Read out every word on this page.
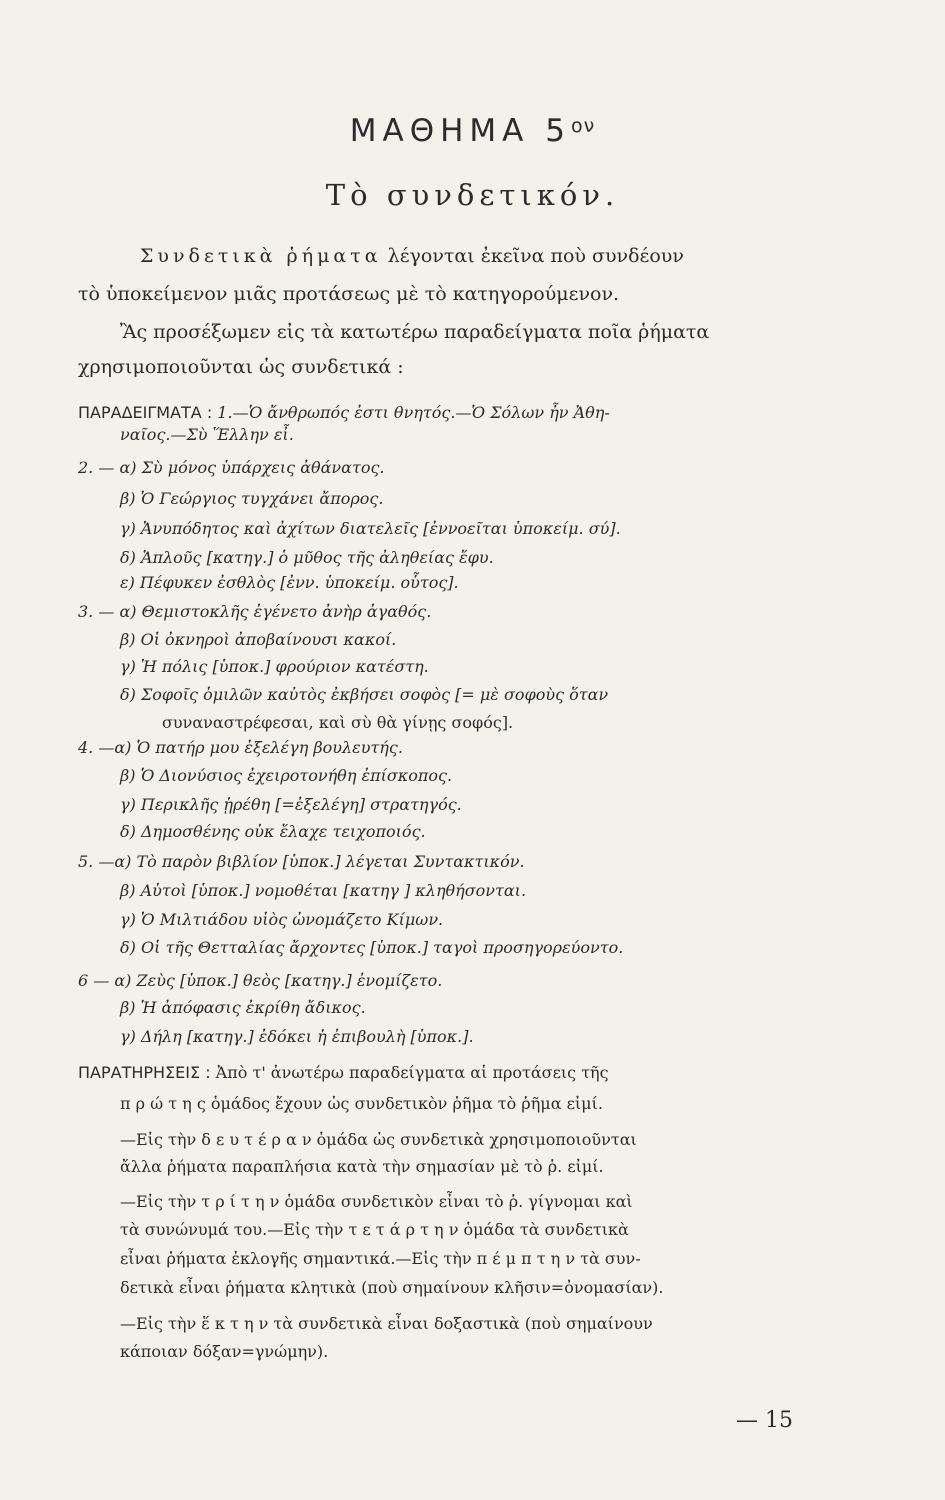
ΜΑΘΗΜΑ $5^{o\nu}$
Τὸ συνδετικόν.
Συνδετικὰ ῥήματα λέγονται ἐκεῖνα ποὺ συνδέουν
τὸ ὑποκείμενον μιᾶς προτάσεως μὲ τὸ κατηγορούμενον.
Ἂς προσέξωμεν εἰς τὰ κατωτέρω παραδείγματα ποῖα ῥήματα
χρησιμοποιοῦνται ὡς συνδετικά :
ΠΑΡΑΔΕΙΓΜΑΤΑ : 1.—Ὁ ἄνθρωπός ἐστι θνητός.—Ὁ Σόλων ἦν Ἀθη-
ναῖος.—Σὺ Ἕλλην εἶ.
2. — α) Σὺ μόνος ὑπάρχεις ἀθάνατος.
β) Ὁ Γεώργιος τυγχάνει ἄπορος.
γ) Ἀνυπόδητος καὶ ἀχίτων διατελεῖς [ἐννοεῖται ὑποκείμ. σύ].
δ) Ἁπλοῦς [κατηγ.] ὁ μῦθος τῆς ἀληθείας ἔφυ.
ε) Πέφυκεν ἐσθλὸς [ἐνν. ὑποκείμ. οὗτος].
3. — α) Θεμιστοκλῆς ἐγένετο ἀνὴρ ἀγαθός.
β) Οἱ ὀκνηροὶ ἀποβαίνουσι κακοί.
γ) Ἡ πόλις [ὑποκ.] φρούριον κατέστη.
δ) Σοφοῖς ὁμιλῶν καὐτὸς ἐκβήσει σοφὸς [= μὲ σοφοὺς ὅταν
συναναστρέφεσαι, καὶ σὺ θὰ γίνῃς σοφός].
4. —α) Ὁ πατήρ μου ἐξελέγη βουλευτής.
β) Ὁ Διονύσιος ἐχειροτονήθη ἐπίσκοπος.
γ) Περικλῆς ᾑρέθη [=ἐξελέγη] στρατηγός.
δ) Δημοσθένης οὐκ ἔλαχε τειχοποιός.
5. —α) Τὸ παρὸν βιβλίον [ὑποκ.] λέγεται Συντακτικόν.
β) Αὐτοὶ [ὑποκ.] νομοθέται [κατηγ ] κληθήσονται.
γ) Ὁ Μιλτιάδου υἱὸς ὠνομάζετο Κίμων.
δ) Οἱ τῆς Θετταλίας ἄρχοντες [ὑποκ.] ταγοὶ προσηγορεύοντο.
6 — α) Ζεὺς [ὑποκ.] θεὸς [κατηγ.] ἐνομίζετο.
β) Ἡ ἀπόφασις ἐκρίθη ἄδικος.
γ) Δήλη [κατηγ.] ἐδόκει ἡ ἐπιβουλὴ [ὑποκ.].
ΠΑΡΑΤΗΡΗΣΕΙΣ : Ἀπὸ τ' ἀνωτέρω παραδείγματα αἱ προτάσεις τῆς
π ρ ώ τ η ς ὁμάδος ἔχουν ὡς συνδετικὸν ῥῆμα τὸ ῥῆμα εἰμί.
—Εἰς τὴν δ ε υ τ έ ρ α ν ὁμάδα ὡς συνδετικὰ χρησιμοποιοῦνται
ἄλλα ῥήματα παραπλήσια κατὰ τὴν σημασίαν μὲ τὸ ῥ. εἰμί.
—Εἰς τὴν τ ρ ί τ η ν ὁμάδα συνδετικὸν εἶναι τὸ ῥ. γίγνομαι καὶ
τὰ συνώνυμά του.—Εἰς τὴν τ ε τ ά ρ τ η ν ὁμάδα τὰ συνδετικὰ
εἶναι ῥήματα ἐκλογῆς σημαντικά.—Εἰς τὴν π έ μ π τ η ν τὰ συν-
δετικὰ εἶναι ῥήματα κλητικὰ (ποὺ σημαίνουν κλῆσιν=ὀνομασίαν).
—Εἰς τὴν ἕ κ τ η ν τὰ συνδετικὰ εἶναι δοξαστικὰ (ποὺ σημαίνουν
κάποιαν δόξαν=γνώμην).
— 15
